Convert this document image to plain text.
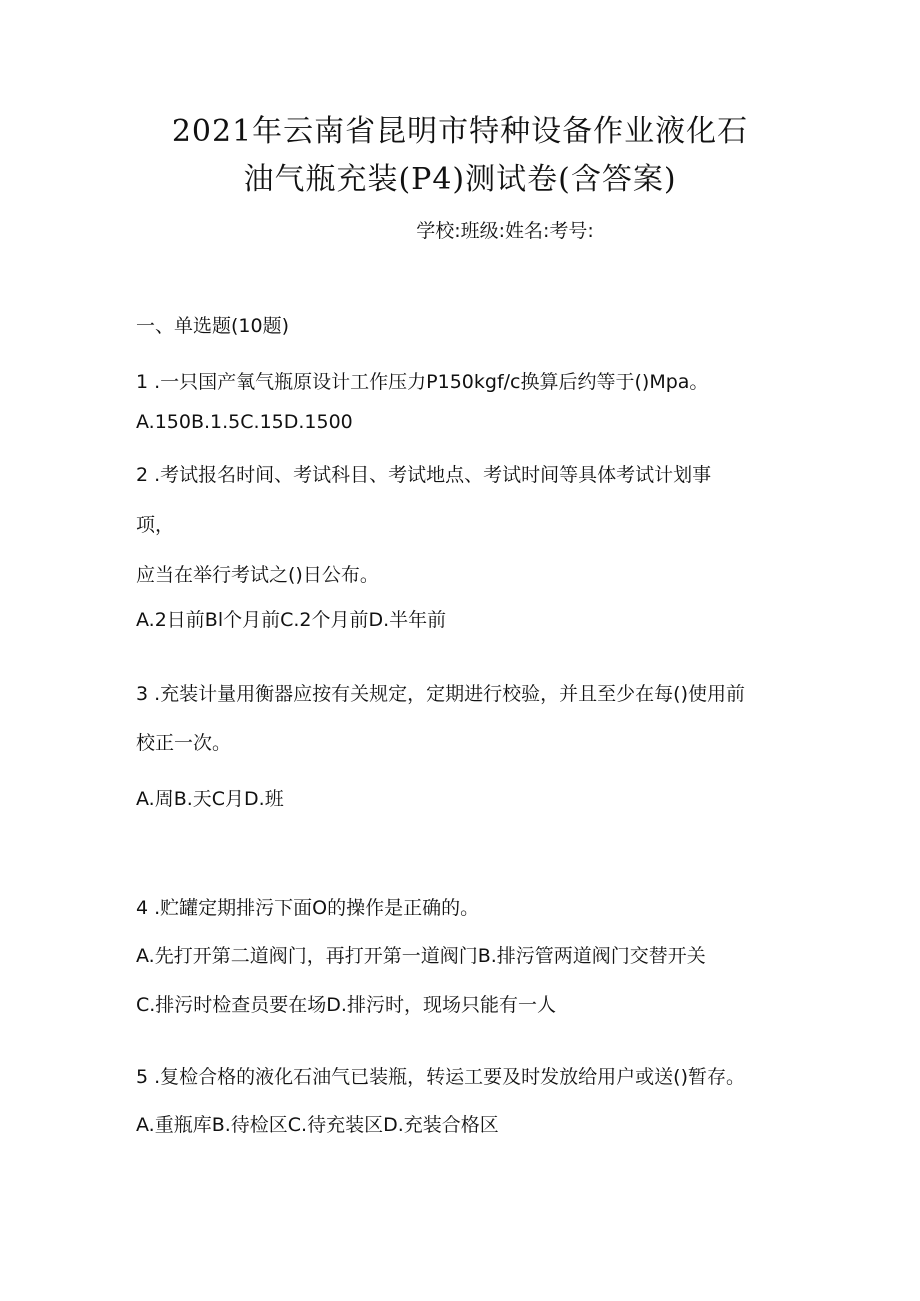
2021年云南省昆明市特种设备作业液化石
油气瓶充装(P4)测试卷(含答案)
学校:班级:姓名:考号:
一、单选题(10题)
1 .一只国产氧气瓶原设计工作压力P150kgf∕c换算后约等于()Mpa。
A.150B.1.5C.15D.1500
2 .考试报名时间、考试科目、考试地点、考试时间等具体考试计划事
项，
应当在举行考试之()日公布。
A.2日前Bl个月前C.2个月前D.半年前
3 .充装计量用衡器应按有关规定，定期进行校验，并且至少在每()使用前
校正一次。
A.周B.天C月D.班
4 .贮罐定期排污下面O的操作是正确的。
A.先打开第二道阀门，再打开第一道阀门B.排污管两道阀门交替开关
C.排污时检查员要在场D.排污时，现场只能有一人
5 .复检合格的液化石油气已装瓶，转运工要及时发放给用户或送()暂存。
A.重瓶库B.待检区C.待充装区D.充装合格区
